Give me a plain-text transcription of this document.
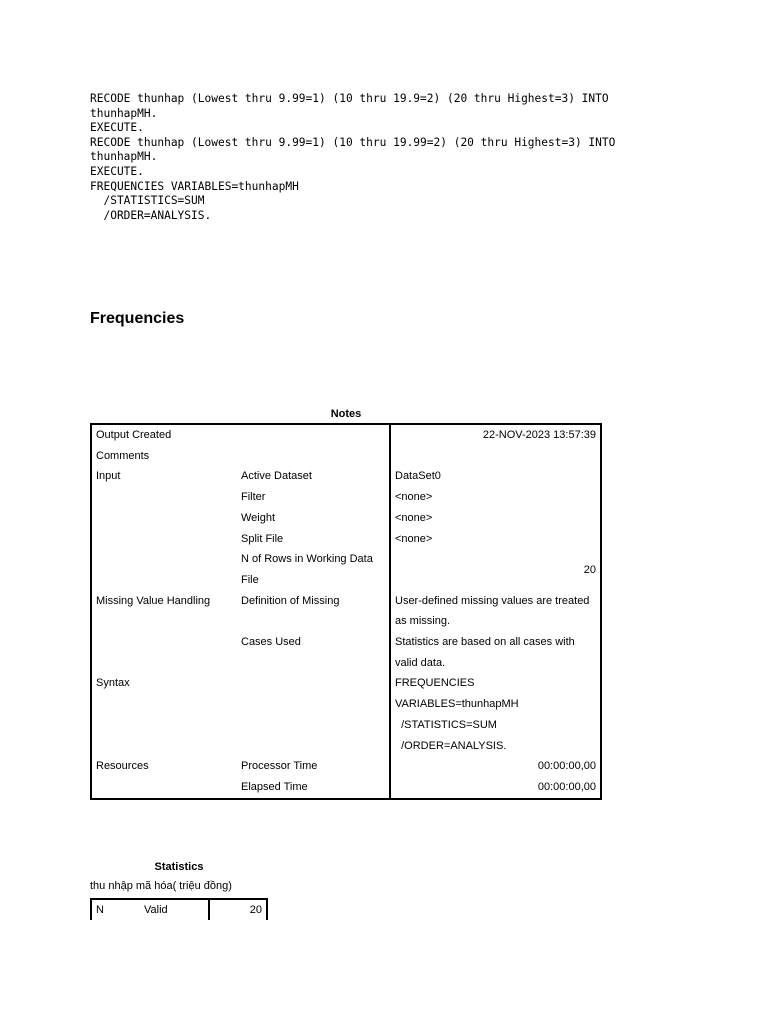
RECODE thunhap (Lowest thru 9.99=1) (10 thru 19.9=2) (20 thru Highest=3) INTO
thunhapMH.
EXECUTE.
RECODE thunhap (Lowest thru 9.99=1) (10 thru 19.99=2) (20 thru Highest=3) INTO
thunhapMH.
EXECUTE.
FREQUENCIES VARIABLES=thunhapMH
/STATISTICS=SUM
/ORDER=ANALYSIS.
Frequencies
Notes
Output Created		22-NOV-2023 13:57:39
Comments		
Input	Active Dataset	DataSet0
	Filter	<none>
	Weight	<none>
	Split File	<none>

	N of Rows in Working Data
File	20
Missing Value Handling	Definition of Missing	User-defined missing values are treated
as missing.

	Cases Used	Statistics are based on all cases with
valid data.

Syntax		FREQUENCIES
VARIABLES=thunhapMH
/STATISTICS=SUM
/ORDER=ANALYSIS.

Resources	Processor Time	00:00:00,00
	Elapsed Time	00:00:00,00
Statistics
thu nhập mã hóa( triệu đồng)
N	Valid	20
